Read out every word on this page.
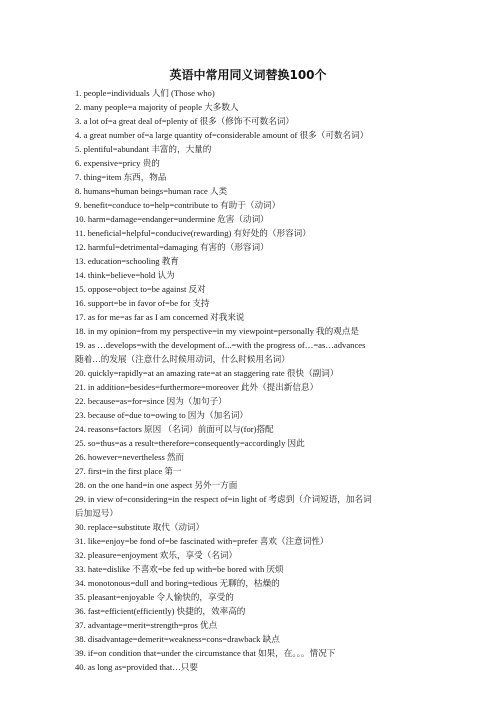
英语中常用同义词替换100个
1. people=individuals 人们 (Those who)
2. many people=a majority of people 大多数人
3. a lot of=a great deal of=plenty of 很多（修饰不可数名词）
4. a great number of=a large quantity of=considerable amount of 很多（可数名词）
5. plentiful=abundant 丰富的，大量的
6. expensive=pricy 贵的
7. thing=item 东西，物品
8. humans=human beings=human race 人类
9. benefit=conduce to=help=contribute to 有助于（动词）
10. harm=damage=endanger=undermine 危害（动词）
11. beneficial=helpful=conducive(rewarding) 有好处的（形容词）
12. harmful=detrimental=damaging 有害的（形容词）
13. education=schooling 教育
14. think=believe=hold 认为
15. oppose=object to=be against 反对
16. support=be in favor of=be for 支持
17. as for me=as far as I am concerned 对我来说
18. in my opinion=from my perspective=in my viewpoint=personally 我的观点是
19. as …develops=with the development of...=with the progress of…=as…advances
随着…的发展（注意什么时候用动词，什么时候用名词）
20. quickly=rapidly=at an amazing rate=at an staggering rate 很快（副词）
21. in addition=besides=furthermore=moreover 此外（提出新信息）
22. because=as=for=since 因为（加句子）
23. because of=due to=owing to 因为（加名词）
24. reasons=factors 原因 （名词）前面可以与(for)搭配
25. so=thus=as a result=therefore=consequently=accordingly 因此
26. however=nevertheless 然而
27. first=in the first place 第一
28. on the one hand=in one aspect 另外一方面
29. in view of=considering=in the respect of=in light of 考虑到（介词短语，加名词
后加逗号）
30. replace=substitute 取代（动词）
31. like=enjoy=be fond of=be fascinated with=prefer 喜欢（注意词性）
32. pleasure=enjoyment 欢乐，享受（名词）
33. hate=dislike 不喜欢=be fed up with=be bored with 厌烦
34. monotonous=dull and boring=tedious 无聊的，枯燥的
35. pleasant=enjoyable 令人愉快的，享受的
36. fast=efficient(efficiently) 快捷的，效率高的
37. advantage=merit=strength=pros 优点
38. disadvantage=demerit=weakness=cons=drawback 缺点
39. if=on condition that=under the circumstance that 如果，在。。。情况下
40. as long as=provided that…只要
